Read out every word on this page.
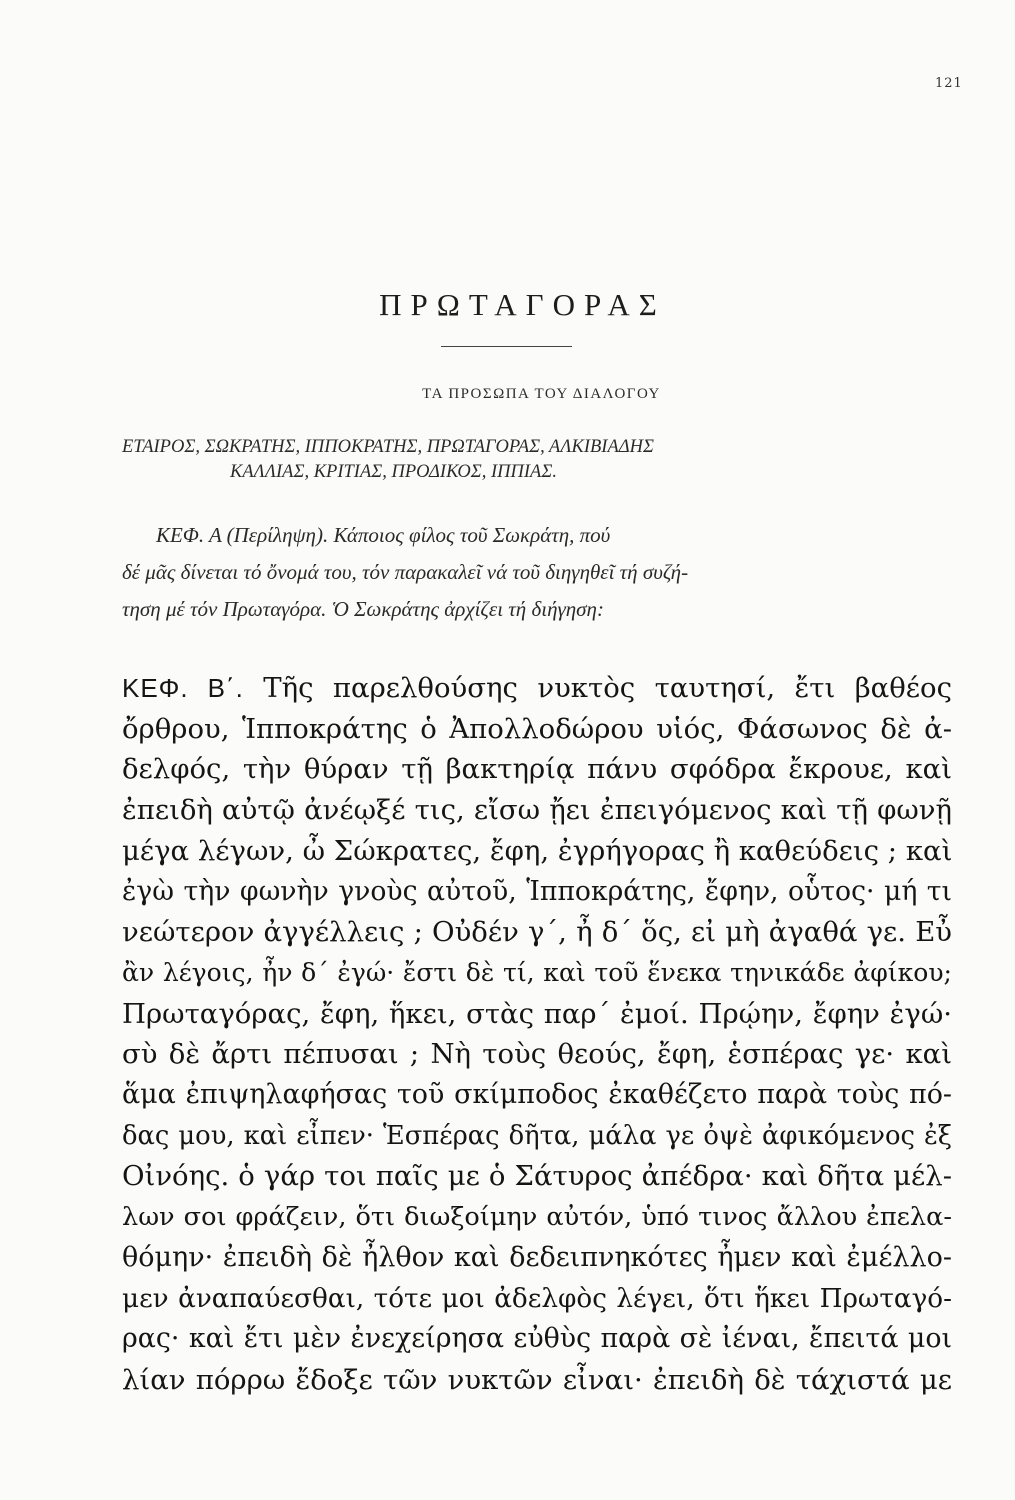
121
ΠΡΩΤΑΓΟΡΑΣ
ΤΑ ΠΡΟΣΩΠΑ ΤΟΥ ΔΙΑΛΟΓΟΥ
ΕΤΑΙΡΟΣ, ΣΩΚΡΑΤΗΣ, ΙΠΠΟΚΡΑΤΗΣ, ΠΡΩΤΑΓΟΡΑΣ, ΑΛΚΙΒΙΑΔΗΣ
ΚΑΛΛΙΑΣ, ΚΡΙΤΙΑΣ, ΠΡΟΔΙΚΟΣ, ΙΠΠΙΑΣ.
ΚΕΦ. Α (Περίληψη). Κάποιος φίλος τοῦ Σωκράτη, πού
δέ μᾶς δίνεται τό ὄνομά του, τόν παρακαλεῖ νά τοῦ διηγηθεῖ τή συζή-
τηση μέ τόν Πρωταγόρα. Ὁ Σωκράτης ἀρχίζει τή διήγηση:
ΚΕΦ. Β΄. Τῆς παρελθούσης νυκτὸς ταυτησί, ἔτι βαθέος
ὄρθρου, Ἱπποκράτης ὁ Ἀπολλοδώρου υἱός, Φάσωνος δὲ ἀ-
δελφός, τὴν θύραν τῇ βακτηρίᾳ πάνυ σφόδρα ἔκρουε, καὶ
ἐπειδὴ αὐτῷ ἀνέῳξέ τις, εἴσω ᾔει ἐπειγόμενος καὶ τῇ φωνῇ
μέγα λέγων, ὦ Σώκρατες, ἔφη, ἐγρήγορας ἢ καθεύδεις ; καὶ
ἐγὼ τὴν φωνὴν γνοὺς αὐτοῦ, Ἱπποκράτης, ἔφην, οὗτος· μή τι
νεώτερον ἀγγέλλεις ; Οὐδέν γ΄, ἦ δ΄ ὅς, εἰ μὴ ἀγαθά γε. Εὖ
ἂν λέγοις, ἦν δ΄ ἐγώ· ἔστι δὲ τί, καὶ τοῦ ἕνεκα τηνικάδε ἀφίκου;
Πρωταγόρας, ἔφη, ἥκει, στὰς παρ΄ ἐμοί. Πρῴην, ἔφην ἐγώ·
σὺ δὲ ἄρτι πέπυσαι ; Νὴ τοὺς θεούς, ἔφη, ἑσπέρας γε· καὶ
ἅμα ἐπιψηλαφήσας τοῦ σκίμποδος ἐκαθέζετο παρὰ τοὺς πό-
δας μου, καὶ εἶπεν· Ἑσπέρας δῆτα, μάλα γε ὀψὲ ἀφικόμενος ἐξ
Οἰνόης. ὁ γάρ τοι παῖς με ὁ Σάτυρος ἀπέδρα· καὶ δῆτα μέλ-
λων σοι φράζειν, ὅτι διωξοίμην αὐτόν, ὑπό τινος ἄλλου ἐπελα-
θόμην· ἐπειδὴ δὲ ἦλθον καὶ δεδειπνηκότες ἦμεν καὶ ἐμέλλο-
μεν ἀναπαύεσθαι, τότε μοι ἀδελφὸς λέγει, ὅτι ἥκει Πρωταγό-
ρας· καὶ ἔτι μὲν ἐνεχείρησα εὐθὺς παρὰ σὲ ἰέναι, ἔπειτά μοι
λίαν πόρρω ἔδοξε τῶν νυκτῶν εἶναι· ἐπειδὴ δὲ τάχιστά με
